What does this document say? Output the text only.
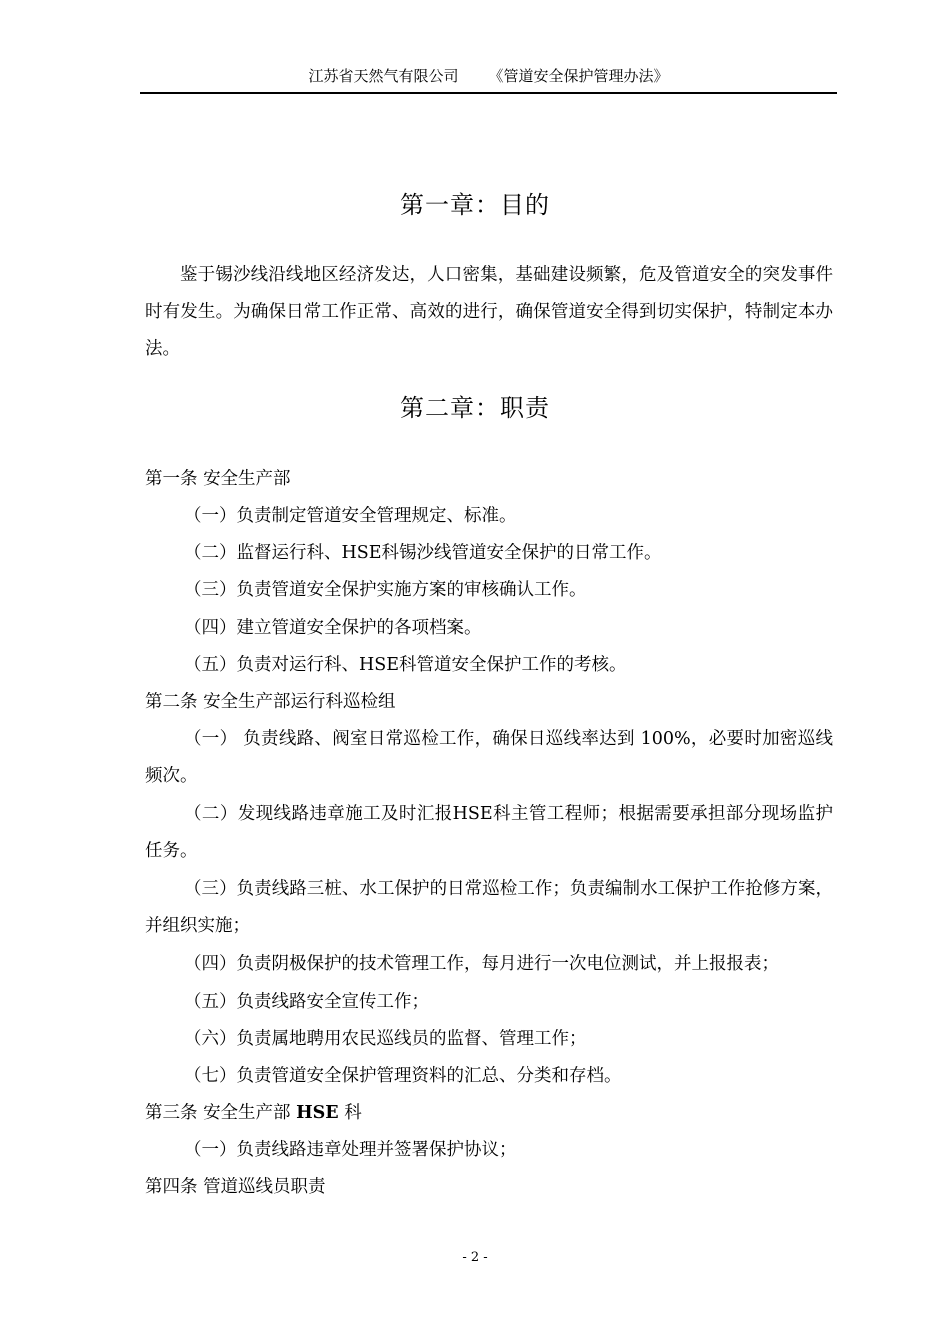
江苏省天然气有限公司 《管道安全保护管理办法》
第一章：目的
鉴于锡沙线沿线地区经济发达，人口密集，基础建设频繁，危及管道安全的突发事件时有发生。为确保日常工作正常、高效的进行，确保管道安全得到切实保护，特制定本办法。
第二章：职责
第一条 安全生产部
（一）负责制定管道安全管理规定、标准。
（二）监督运行科、HSE科锡沙线管道安全保护的日常工作。
（三）负责管道安全保护实施方案的审核确认工作。
（四）建立管道安全保护的各项档案。
（五）负责对运行科、HSE科管道安全保护工作的考核。
第二条 安全生产部运行科巡检组
（一） 负责线路、阀室日常巡检工作，确保日巡线率达到 100%，必要时加密巡线频次。
（二）发现线路违章施工及时汇报HSE科主管工程师；根据需要承担部分现场监护任务。
（三）负责线路三桩、水工保护的日常巡检工作；负责编制水工保护工作抢修方案，并组织实施；
（四）负责阴极保护的技术管理工作，每月进行一次电位测试，并上报报表；
（五）负责线路安全宣传工作；
（六）负责属地聘用农民巡线员的监督、管理工作；
（七）负责管道安全保护管理资料的汇总、分类和存档。
第三条 安全生产部 HSE 科
（一）负责线路违章处理并签署保护协议；
第四条 管道巡线员职责
- 2 -
